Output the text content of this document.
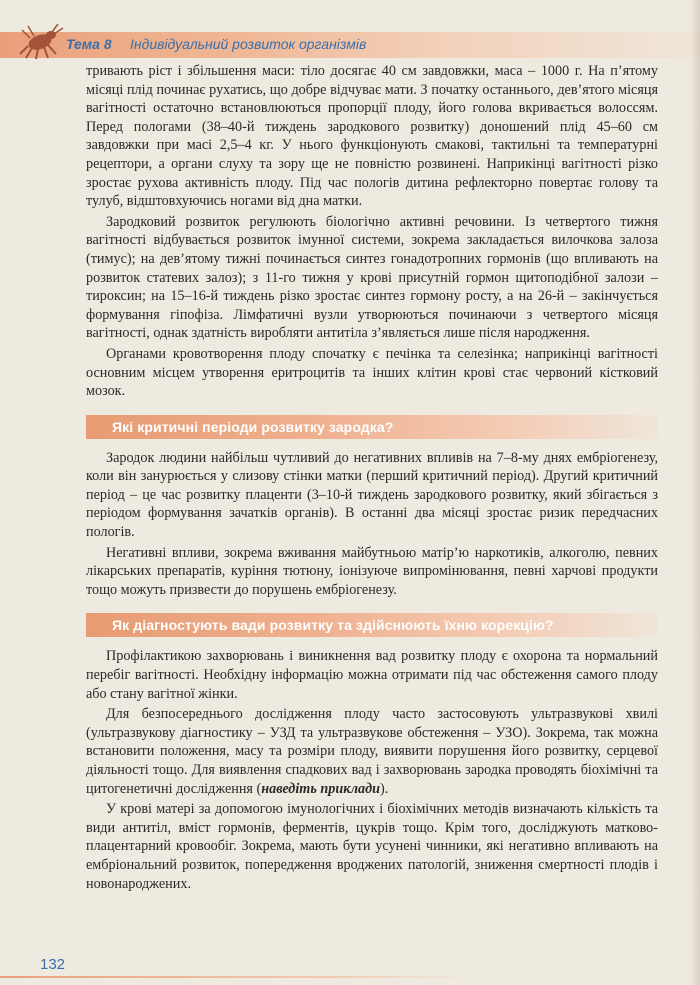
Тема 8 Індивідуальний розвиток організмів

тривають ріст і збільшення маси: тіло досягає 40 см завдовжки, маса – 1000 г. На п’ятому місяці плід починає рухатись, що добре відчуває мати. З початку останнього, дев’ятого місяця вагітності остаточно встановлюються пропорції плоду, його голова вкривається волоссям. Перед пологами (38–40-й тиждень зародкового розвитку) доношений плід 45–60 см завдовжки при масі 2,5–4 кг. У нього функціонують смакові, тактильні та температурні рецептори, а органи слуху та зору ще не повністю розвинені. Наприкінці вагітності різко зростає рухова активність плоду. Під час пологів дитина рефлекторно повертає голову та тулуб, відштовхуючись ногами від дна матки.

Зародковий розвиток регулюють біологічно активні речовини. Із четвертого тижня вагітності відбувається розвиток імунної системи, зокрема закладається вилочкова залоза (тимус); на дев’ятому тижні починається синтез гонадотропних гормонів (що впливають на розвиток статевих залоз); з 11-го тижня у крові присутній гормон щитоподібної залози – тироксин; на 15–16-й тиждень різко зростає синтез гормону росту, а на 26-й – закінчується формування гіпофіза. Лімфатичні вузли утворюються починаючи з четвертого місяця вагітності, однак здатність виробляти антитіла з’являється лише після народження.

Органами кровотворення плоду спочатку є печінка та селезінка; наприкінці вагітності основним місцем утворення еритроцитів та інших клітин крові стає червоний кістковий мозок.

Які критичні періоди розвитку зародка?

Зародок людини найбільш чутливий до негативних впливів на 7–8-му днях ембріогенезу, коли він занурюється у слизову стінки матки (перший критичний період). Другий критичний період – це час розвитку плаценти (3–10-й тиждень зародкового розвитку, який збігається з періодом формування зачатків органів). В останні два місяці зростає ризик передчасних пологів.

Негативні впливи, зокрема вживання майбутньою матір’ю наркотиків, алкоголю, певних лікарських препаратів, куріння тютюну, іонізуюче випромінювання, певні харчові продукти тощо можуть призвести до порушень ембріогенезу.

Як діагностують вади розвитку та здійснюють їхню корекцію?

Профілактикою захворювань і виникнення вад розвитку плоду є охорона та нормальний перебіг вагітності. Необхідну інформацію можна отримати під час обстеження самого плоду або стану вагітної жінки.

Для безпосереднього дослідження плоду часто застосовують ультразвукові хвилі (ультразвукову діагностику – УЗД та ультразвукове обстеження – УЗО). Зокрема, так можна встановити положення, масу та розміри плоду, виявити порушення його розвитку, серцевої діяльності тощо. Для виявлення спадкових вад і захворювань зародка проводять біохімічні та цитогенетичні дослідження (наведіть приклади).

У крові матері за допомогою імунологічних і біохімічних методів визначають кількість та види антитіл, вміст гормонів, ферментів, цукрів тощо. Крім того, досліджують матково-плацентарний кровообіг. Зокрема, мають бути усунені чинники, які негативно впливають на ембріональний розвиток, попередження вроджених патологій, зниження смертності плодів і новонароджених.

132
